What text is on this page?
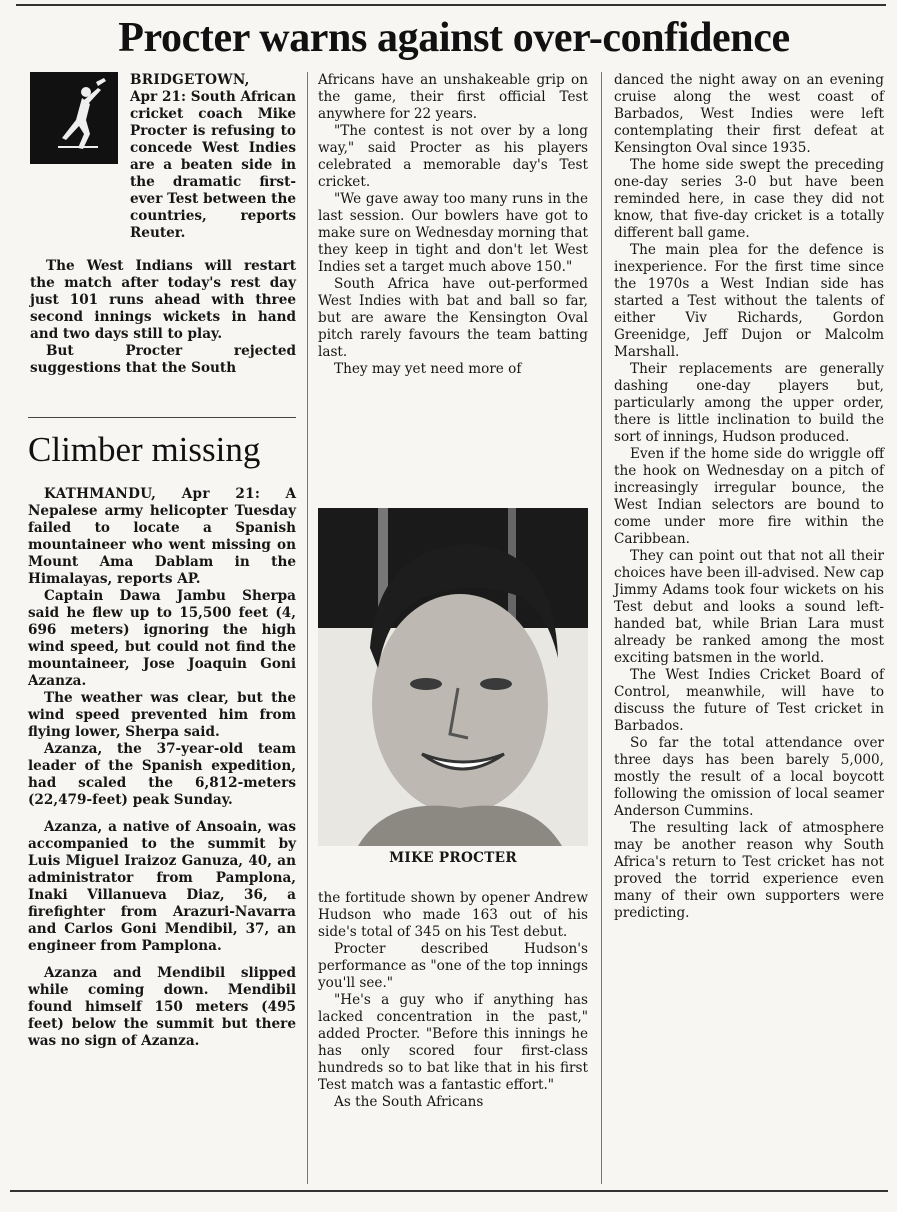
Procter warns against over-confidence

BRIDGETOWN,

Apr 21: South African cricket coach Mike Procter is refusing to concede West Indies are a beaten side in the dramatic first-ever Test between the countries, reports Reuter.

The West Indians will restart the match after today's rest day just 101 runs ahead with three second innings wickets in hand and two days still to play.

But Procter rejected suggestions that the South

Climber missing

KATHMANDU, Apr 21: A Nepalese army helicopter Tuesday failed to locate a Spanish mountaineer who went missing on Mount Ama Dablam in the Himalayas, reports AP.

Captain Dawa Jambu Sherpa said he flew up to 15,500 feet (4, 696 meters) ignoring the high wind speed, but could not find the mountaineer, Jose Joaquin Goni Azanza.

The weather was clear, but the wind speed prevented him from flying lower, Sherpa said.

Azanza, the 37-year-old team leader of the Spanish expedition, had scaled the 6,812-meters (22,479-feet) peak Sunday.

Azanza, a native of Ansoain, was accompanied to the summit by Luis Miguel Iraizoz Ganuza, 40, an administrator from Pamplona, Inaki Villanueva Diaz, 36, a firefighter from Arazuri-Navarra and Carlos Goni Mendibil, 37, an engineer from Pamplona.

Azanza and Mendibil slipped while coming down. Mendibil found himself 150 meters (495 feet) below the summit but there was no sign of Azanza.

Africans have an unshakeable grip on the game, their first official Test anywhere for 22 years.

"The contest is not over by a long way," said Procter as his players celebrated a memorable day's Test cricket.

"We gave away too many runs in the last session. Our bowlers have got to make sure on Wednesday morning that they keep in tight and don't let West Indies set a target much above 150."

South Africa have out-performed West Indies with bat and ball so far, but are aware the Kensington Oval pitch rarely favours the team batting last.

They may yet need more of

MIKE PROCTER

the fortitude shown by opener Andrew Hudson who made 163 out of his side's total of 345 on his Test debut.

Procter described Hudson's performance as "one of the top innings you'll see."

"He's a guy who if anything has lacked concentration in the past," added Procter. "Before this innings he has only scored four first-class hundreds so to bat like that in his first Test match was a fantastic effort."

As the South Africans

danced the night away on an evening cruise along the west coast of Barbados, West Indies were left contemplating their first defeat at Kensington Oval since 1935.

The home side swept the preceding one-day series 3-0 but have been reminded here, in case they did not know, that five-day cricket is a totally different ball game.

The main plea for the defence is inexperience. For the first time since the 1970s a West Indian side has started a Test without the talents of either Viv Richards, Gordon Greenidge, Jeff Dujon or Malcolm Marshall.

Their replacements are generally dashing one-day players but, particularly among the upper order, there is little inclination to build the sort of innings, Hudson produced.

Even if the home side do wriggle off the hook on Wednesday on a pitch of increasingly irregular bounce, the West Indian selectors are bound to come under more fire within the Caribbean.

They can point out that not all their choices have been ill-advised. New cap Jimmy Adams took four wickets on his Test debut and looks a sound left-handed bat, while Brian Lara must already be ranked among the most exciting batsmen in the world.

The West Indies Cricket Board of Control, meanwhile, will have to discuss the future of Test cricket in Barbados.

So far the total attendance over three days has been barely 5,000, mostly the result of a local boycott following the omission of local seamer Anderson Cummins.

The resulting lack of atmosphere may be another reason why South Africa's return to Test cricket has not proved the torrid experience even many of their own supporters were predicting.
